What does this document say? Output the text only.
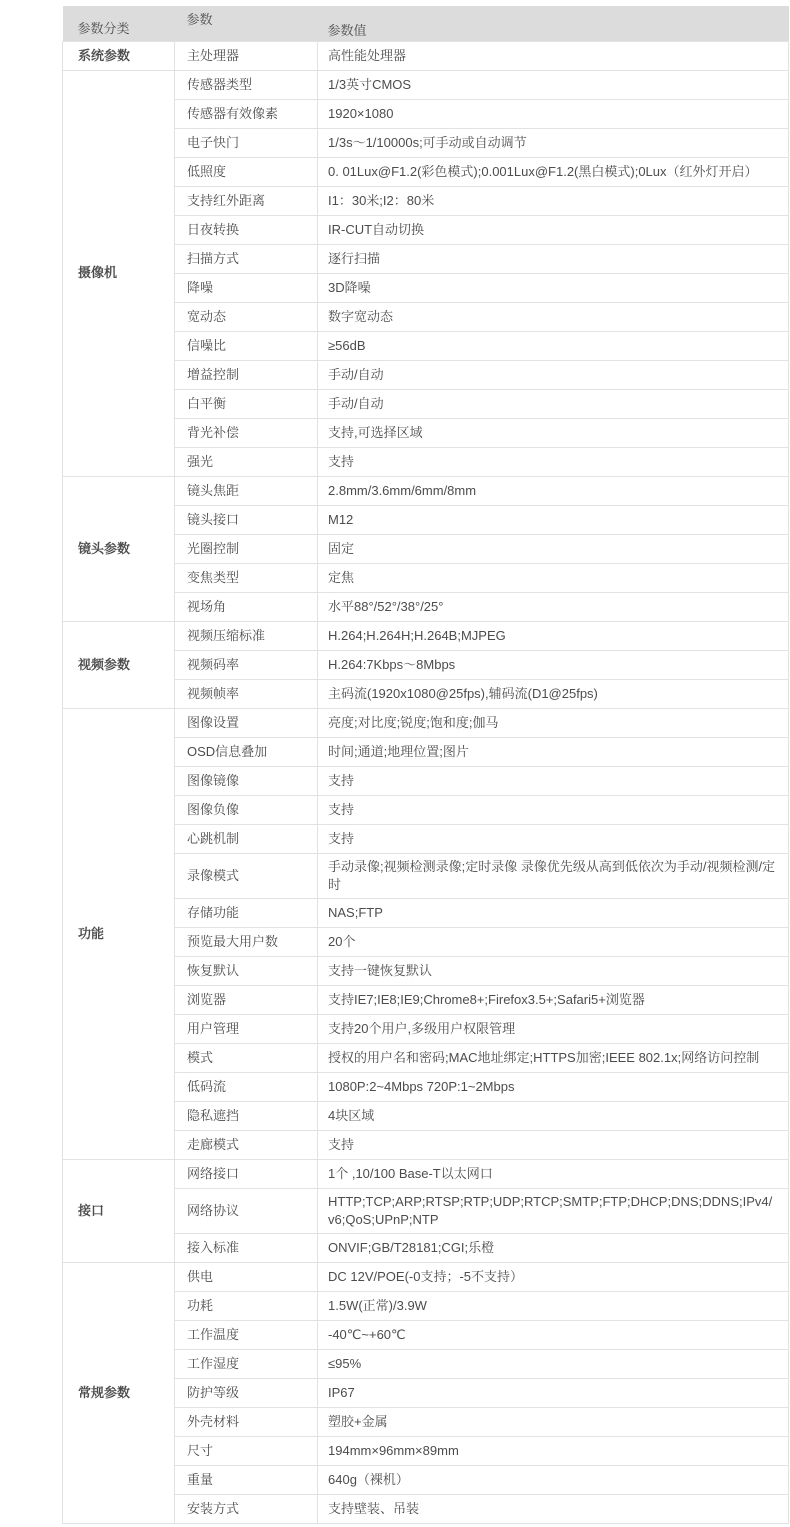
参数分类	参数	参数值
系统参数	主处理器	高性能处理器
摄像机	传感器类型	1/3英寸CMOS
	传感器有效像素	1920×1080
	电子快门	1/3s～1/10000s;可手动或自动调节
	低照度	0. 01Lux@F1.2(彩色模式);0.001Lux@F1.2(黑白模式);0Lux（红外灯开启）
	支持红外距离	I1：30米;I2：80米
	日夜转换	IR-CUT自动切换
	扫描方式	逐行扫描
	降噪	3D降噪
	宽动态	数字宽动态
	信噪比	≥56dB
	增益控制	手动/自动
	白平衡	手动/自动
	背光补偿	支持,可选择区域
	强光	支持
镜头参数	镜头焦距	2.8mm/3.6mm/6mm/8mm
	镜头接口	M12
	光圈控制	固定
	变焦类型	定焦
	视场角	水平88°/52°/38°/25°
视频参数	视频压缩标准	H.264;H.264H;H.264B;MJPEG
	视频码率	H.264:7Kbps～8Mbps
	视频帧率	主码流(1920x1080@25fps),辅码流(D1@25fps)
功能	图像设置	亮度;对比度;锐度;饱和度;伽马
	OSD信息叠加	时间;通道;地理位置;图片
	图像镜像	支持
	图像负像	支持
	心跳机制	支持
	录像模式	手动录像;视频检测录像;定时录像 录像优先级从高到低依次为手动/视频检测/定时
	存储功能	NAS;FTP
	预览最大用户数	20个
	恢复默认	支持一键恢复默认
	浏览器	支持IE7;IE8;IE9;Chrome8+;Firefox3.5+;Safari5+浏览器
	用户管理	支持20个用户,多级用户权限管理
	模式	授权的用户名和密码;MAC地址绑定;HTTPS加密;IEEE 802.1x;网络访问控制
	低码流	1080P:2~4Mbps 720P:1~2Mbps
	隐私遮挡	4块区域
	走廊模式	支持
接口	网络接口	1个 ,10/100 Base-T以太网口
	网络协议	HTTP;TCP;ARP;RTSP;RTP;UDP;RTCP;SMTP;FTP;DHCP;DNS;DDNS;IPv4/v6;QoS;UPnP;NTP
	接入标准	ONVIF;GB/T28181;CGI;乐橙
常规参数	供电	DC 12V/POE(-0支持；-5不支持）
	功耗	1.5W(正常)/3.9W
	工作温度	-40℃~+60℃
	工作湿度	≤95%
	防护等级	IP67
	外壳材料	塑胶+金属
	尺寸	194mm×96mm×89mm
	重量	640g（裸机）
	安装方式	支持壁装、吊装
